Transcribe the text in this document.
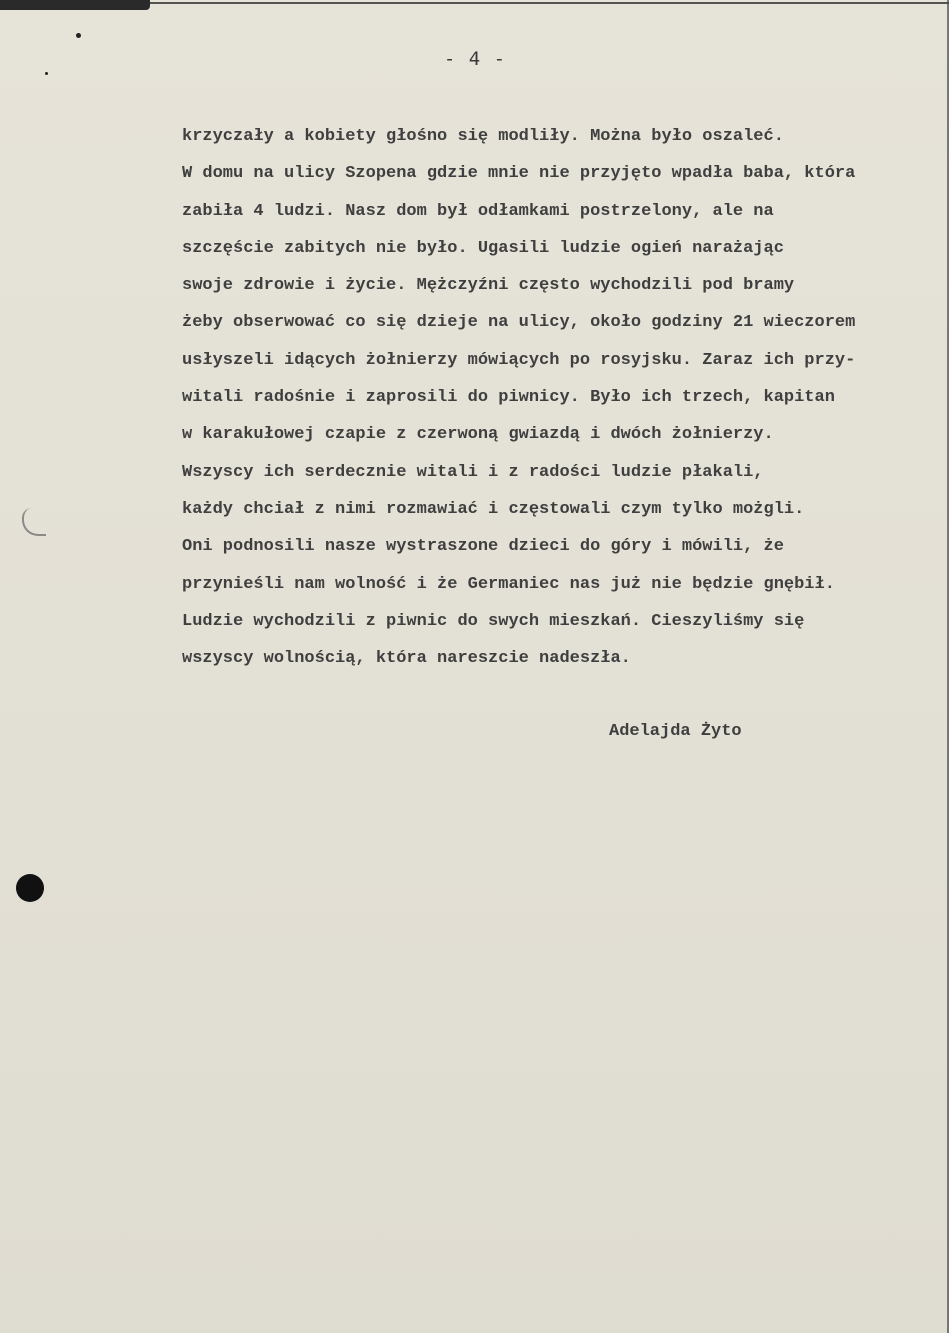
- 4 -
krzyczały a kobiety głośno się modliły. Można było oszaleć.
W domu na ulicy Szopena gdzie mnie nie przyjęto wpadła baba, która
zabiła 4 ludzi. Nasz dom był odłamkami postrzelony, ale na
szczęście zabitych nie było. Ugasili ludzie ogień narażając
swoje zdrowie i życie. Mężczyźni często wychodzili pod bramy
żeby obserwować co się dzieje na ulicy, około godziny 21 wieczorem
usłyszeli idących żołnierzy mówiących po rosyjsku. Zaraz ich przy-
witali radośnie i zaprosili do piwnicy. Było ich trzech, kapitan
w karakułowej czapie z czerwoną gwiazdą i dwóch żołnierzy.
Wszyscy ich serdecznie witali i z radości ludzie płakali,
każdy chciał z nimi rozmawiać i częstowali czym tylko możgli.
Oni podnosili nasze wystraszone dzieci do góry i mówili, że
przynieśli nam wolność i że Germaniec nas już nie będzie gnębił.
Ludzie wychodzili z piwnic do swych mieszkań. Cieszyliśmy się
wszyscy wolnością, która nareszcie nadeszła.
Adelajda Żyto
